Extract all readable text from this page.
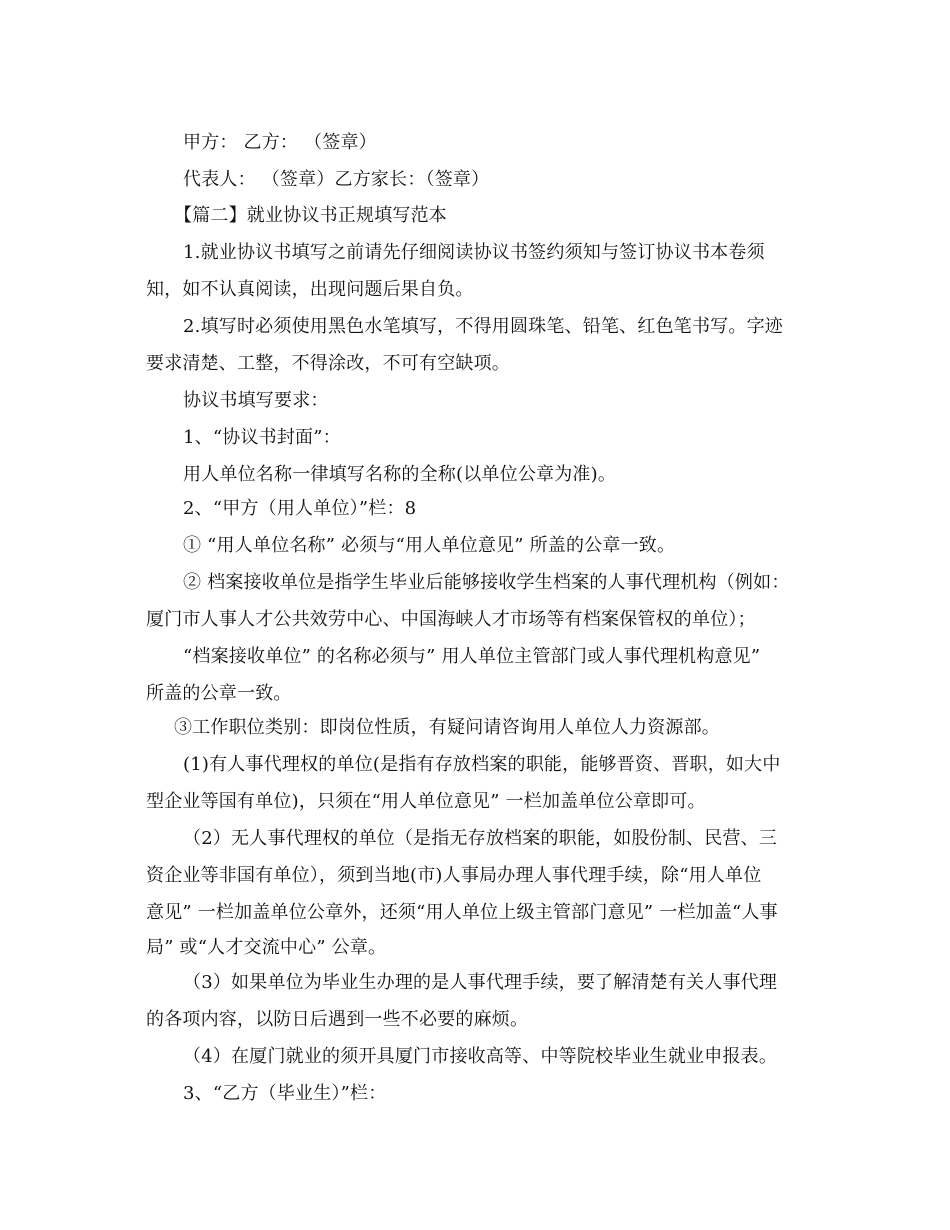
甲方： 乙方： （签章）
代表人： （签章）乙方家长：（签章）
【篇二】就业协议书正规填写范本
1.就业协议书填写之前请先仔细阅读协议书签约须知与签订协议书本卷须
知，如不认真阅读，出现问题后果自负。
2.填写时必须使用黑色水笔填写，不得用圆珠笔、铅笔、红色笔书写。字迹
要求清楚、工整，不得涂改，不可有空缺项。
协议书填写要求：
1、“协议书封面”：
用人单位名称一律填写名称的全称(以单位公章为准)。
2、“甲方（用人单位）”栏：8
① “用人单位名称” 必须与“用人单位意见” 所盖的公章一致。
② 档案接收单位是指学生毕业后能够接收学生档案的人事代理机构（例如：
厦门市人事人才公共效劳中心、中国海峡人才市场等有档案保管权的单位）；
“档案接收单位” 的名称必须与” 用人单位主管部门或人事代理机构意见”
所盖的公章一致。
③工作职位类别：即岗位性质，有疑问请咨询用人单位人力资源部。
(1)有人事代理权的单位(是指有存放档案的职能，能够晋资、晋职，如大中
型企业等国有单位)，只须在“用人单位意见” 一栏加盖单位公章即可。
（2）无人事代理权的单位（是指无存放档案的职能，如股份制、民营、三
资企业等非国有单位），须到当地(市)人事局办理人事代理手续，除“用人单位
意见” 一栏加盖单位公章外，还须“用人单位上级主管部门意见” 一栏加盖“人事
局” 或“人才交流中心” 公章。
（3）如果单位为毕业生办理的是人事代理手续，要了解清楚有关人事代理
的各项内容，以防日后遇到一些不必要的麻烦。
（4）在厦门就业的须开具厦门市接收高等、中等院校毕业生就业申报表。
3、“乙方（毕业生）”栏：
